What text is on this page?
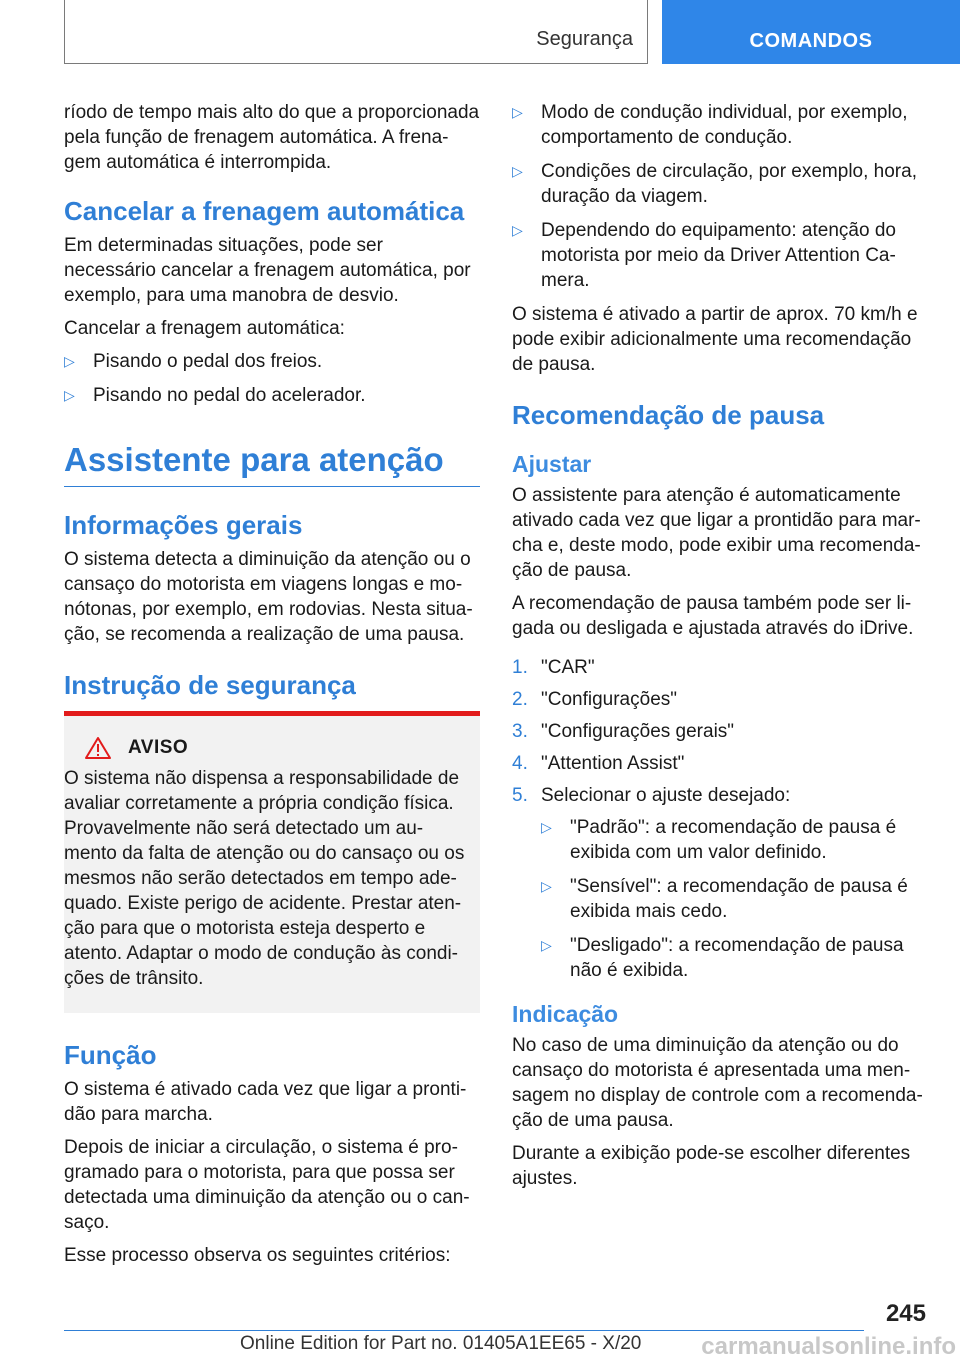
Segurança	COMANDOS

ríodo de tempo mais alto do que a proporcionada pela função de frenagem automática. A frena‐gem automática é interrompida.

Cancelar a frenagem automática

Em determinadas situações, pode ser necessário cancelar a frenagem automática, por exemplo, para uma manobra de desvio.

Cancelar a frenagem automática:

▷ Pisando o pedal dos freios.
▷ Pisando no pedal do acelerador.
Assistente para atenção
Informações gerais

O sistema detecta a diminuição da atenção ou o cansaço do motorista em viagens longas e mo‐nótonas, por exemplo, em rodovias. Nesta situa‐ção, se recomenda a realização de uma pausa.

Instrução de segurança
AVISO

O sistema não dispensa a responsabilidade de avaliar corretamente a própria condição física. Provavelmente não será detectado um au‐mento da falta de atenção ou do cansaço ou os mesmos não serão detectados em tempo ade‐quado. Existe perigo de acidente. Prestar aten‐ção para que o motorista esteja desperto e atento. Adaptar o modo de condução às condi‐ções de trânsito.

Função

O sistema é ativado cada vez que ligar a pronti‐dão para marcha.

Depois de iniciar a circulação, o sistema é pro‐gramado para o motorista, para que possa ser detectada uma diminuição da atenção ou o can‐saço.

Esse processo observa os seguintes critérios:

▷ Modo de condução individual, por exemplo, comportamento de condução.
▷ Condições de circulação, por exemplo, hora, duração da viagem.
▷ Dependendo do equipamento: atenção do motorista por meio da Driver Attention Ca‐mera.

O sistema é ativado a partir de aprox. 70 km/h e pode exibir adicionalmente uma recomendação de pausa.

Recomendação de pausa
Ajustar

O assistente para atenção é automaticamente ativado cada vez que ligar a prontidão para mar‐cha e, deste modo, pode exibir uma recomenda‐ção de pausa.

A recomendação de pausa também pode ser li‐gada ou desligada e ajustada através do iDrive.

1. "CAR"
2. "Configurações"
3. "Configurações gerais"
4. "Attention Assist"
5. Selecionar o ajuste desejado:
▷ "Padrão": a recomendação de pausa é exibida com um valor definido.
▷ "Sensível": a recomendação de pausa é exibida mais cedo.
▷ "Desligado": a recomendação de pausa não é exibida.
Indicação

No caso de uma diminuição da atenção ou do cansaço do motorista é apresentada uma men‐sagem no display de controle com a recomenda‐ção de uma pausa.

Durante a exibição pode-se escolher diferentes ajustes.

245
Online Edition for Part no. 01405A1EE65 - X/20 carmanualsonline.info
